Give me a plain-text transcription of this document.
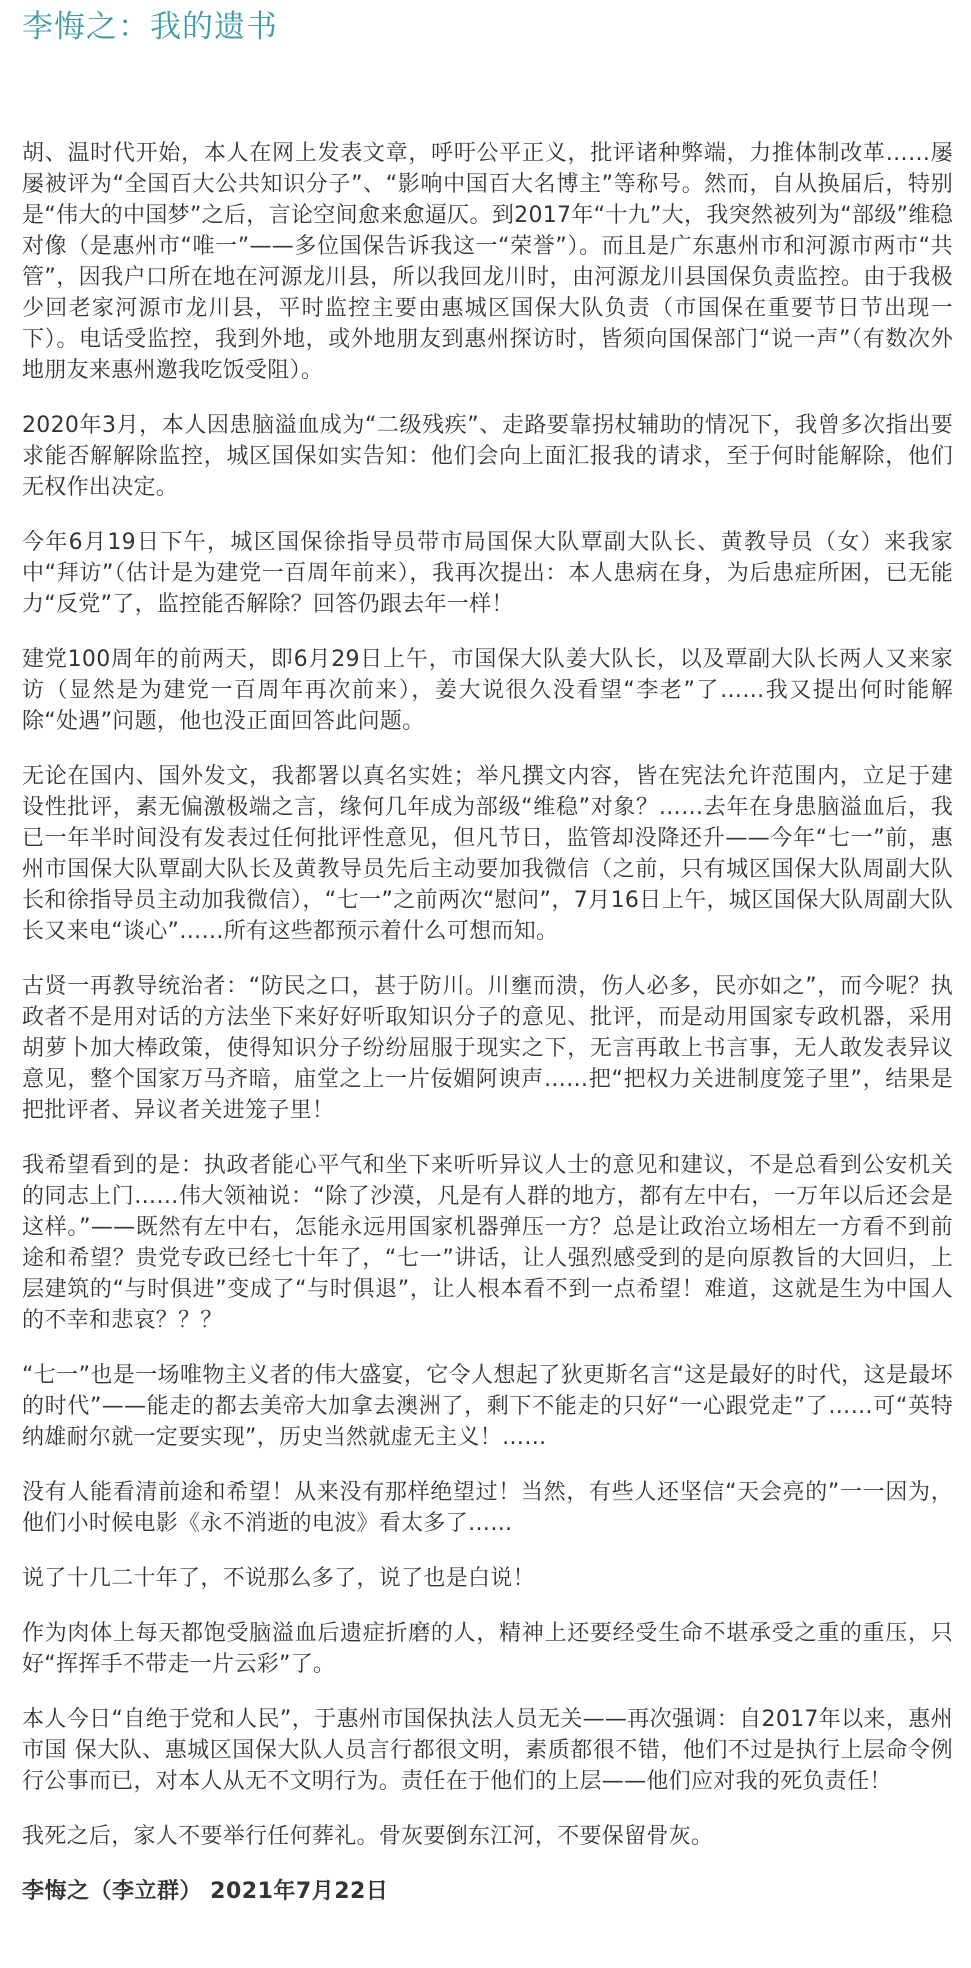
李悔之：我的遗书

胡、温时代开始，本人在网上发表文章，呼吁公平正义，批评诸种弊端，力推体制改革……屡屡被评为“全国百大公共知识分子”、“影响中国百大名博主”等称号。然而，自从换届后，特别是“伟大的中国梦”之后，言论空间愈来愈逼仄。到2017年“十九”大，我突然被列为“部级”维稳对像（是惠州市“唯一”——多位国保告诉我这一“荣誉”）。而且是广东惠州市和河源市两市“共管”，因我户口所在地在河源龙川县，所以我回龙川时，由河源龙川县国保负责监控。由于我极少回老家河源市龙川县，平时监控主要由惠城区国保大队负责（市国保在重要节日节出现一下）。电话受监控，我到外地，或外地朋友到惠州探访时，皆须向国保部门“说一声”（有数次外地朋友来惠州邀我吃饭受阻）。

2020年3月，本人因患脑溢血成为“二级残疾”、走路要靠拐杖辅助的情况下，我曾多次指出要求能否解解除监控，城区国保如实告知：他们会向上面汇报我的请求，至于何时能解除，他们无权作出决定。

今年6月19日下午，城区国保徐指导员带市局国保大队覃副大队长、黄教导员（女）来我家中“拜访”（估计是为建党一百周年前来），我再次提出：本人患病在身，为后患症所困，已无能力“反党”了，监控能否解除？回答仍跟去年一样！

建党100周年的前两天，即6月29日上午，市国保大队姜大队长，以及覃副大队长两人又来家访（显然是为建党一百周年再次前来），姜大说很久没看望“李老”了……我又提出何时能解除“处遇”问题，他也没正面回答此问题。

无论在国内、国外发文，我都署以真名实姓；举凡撰文内容，皆在宪法允许范围内，立足于建设性批评，素无偏激极端之言，缘何几年成为部级“维稳”对象？……去年在身患脑溢血后，我已一年半时间没有发表过任何批评性意见，但凡节日，监管却没降还升——今年“七一”前，惠州市国保大队覃副大队长及黄教导员先后主动要加我微信（之前，只有城区国保大队周副大队长和徐指导员主动加我微信），“七一”之前两次“慰问”，7月16日上午，城区国保大队周副大队长又来电“谈心”……所有这些都预示着什么可想而知。

古贤一再教导统治者：“防民之口，甚于防川。川壅而溃，伤人必多，民亦如之”，而今呢？执政者不是用对话的方法坐下来好好听取知识分子的意见、批评，而是动用国家专政机器，采用胡萝卜加大棒政策，使得知识分子纷纷屈服于现实之下，无言再敢上书言事，无人敢发表异议意见，整个国家万马齐暗，庙堂之上一片佞媚阿谀声……把“把权力关进制度笼子里”，结果是把批评者、异议者关进笼子里！

我希望看到的是：执政者能心平气和坐下来听听异议人士的意见和建议，不是总看到公安机关的同志上门……伟大领袖说：“除了沙漠，凡是有人群的地方，都有左中右，一万年以后还会是这样。”——既然有左中右，怎能永远用国家机器弹压一方？总是让政治立场相左一方看不到前途和希望？贵党专政已经七十年了，“七一”讲话，让人强烈感受到的是向原教旨的大回归，上层建筑的“与时俱进”变成了“与时俱退”，让人根本看不到一点希望！难道，这就是生为中国人的不幸和悲哀？？？

“七一”也是一场唯物主义者的伟大盛宴，它令人想起了狄更斯名言“这是最好的时代，这是最坏的时代”——能走的都去美帝大加拿去澳洲了，剩下不能走的只好“一心跟党走”了……可“英特纳雄耐尔就一定要实现”，历史当然就虚无主义！……

没有人能看清前途和希望！从来没有那样绝望过！当然，有些人还坚信“天会亮的”一一因为，他们小时候电影《永不消逝的电波》看太多了……

说了十几二十年了，不说那么多了，说了也是白说！

作为肉体上每天都饱受脑溢血后遗症折磨的人，精神上还要经受生命不堪承受之重的重压，只好“挥挥手不带走一片云彩”了。

本人今日“自绝于党和人民”，于惠州市国保执法人员无关——再次强调：自2017年以来，惠州市国 保大队、惠城区国保大队人员言行都很文明，素质都很不错，他们不过是执行上层命令例行公事而已，对本人从无不文明行为。责任在于他们的上层——他们应对我的死负责任！

我死之后，家人不要举行任何葬礼。骨灰要倒东江河，不要保留骨灰。

李悔之（李立群） 2021年7月22日
